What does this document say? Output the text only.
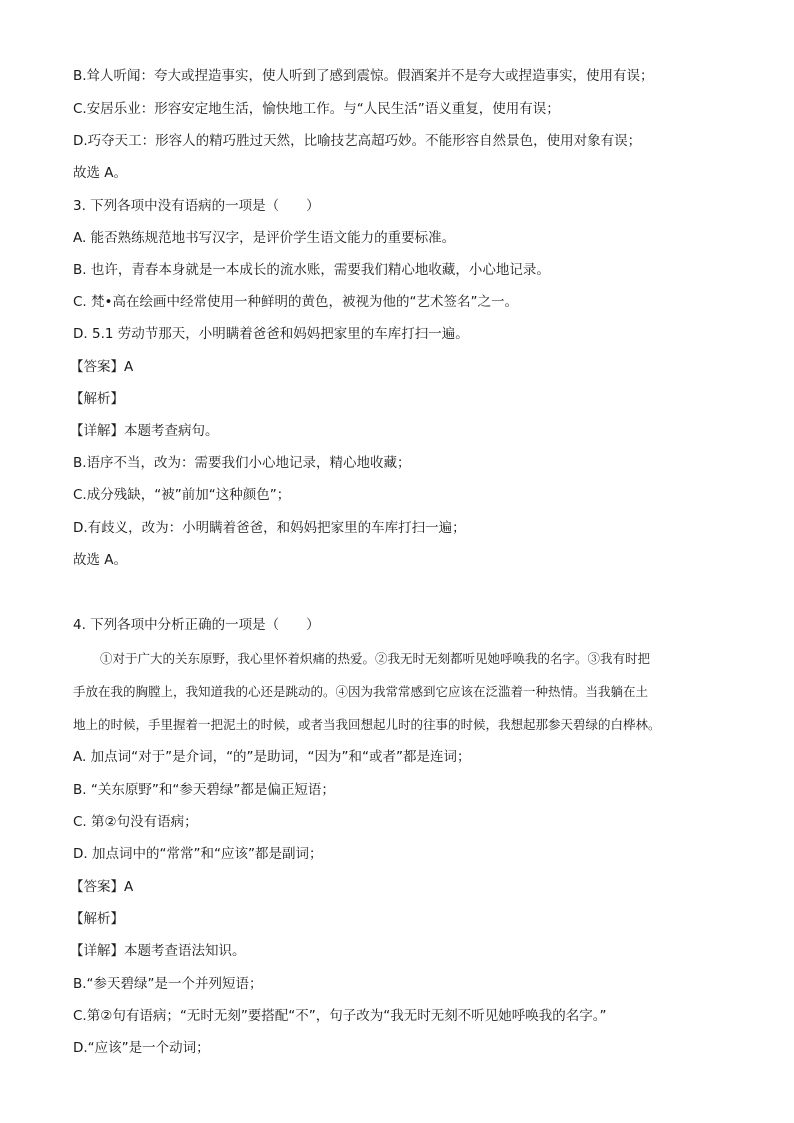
B.耸人听闻：夸大或捏造事实，使人听到了感到震惊。假酒案并不是夸大或捏造事实，使用有误；
C.安居乐业：形容安定地生活，愉快地工作。与“人民生活”语义重复，使用有误；
D.巧夺天工：形容人的精巧胜过天然，比喻技艺高超巧妙。不能形容自然景色，使用对象有误；
故选 A。
3. 下列各项中没有语病的一项是（　　）
A. 能否熟练规范地书写汉字，是评价学生语文能力的重要标准。
B. 也许，青春本身就是一本成长的流水账，需要我们精心地收藏，小心地记录。
C. 梵•高在绘画中经常使用一种鲜明的黄色，被视为他的“艺术签名”之一。
D. 5.1 劳动节那天，小明瞒着爸爸和妈妈把家里的车库打扫一遍。
【答案】A
【解析】
【详解】本题考查病句。
B.语序不当，改为：需要我们小心地记录，精心地收藏；
C.成分残缺，“被”前加“这种颜色”；
D.有歧义，改为：小明瞒着爸爸，和妈妈把家里的车库打扫一遍；
故选 A。
4. 下列各项中分析正确的一项是（　　）
①对于广大的关东原野，我心里怀着炽痛的热爱。②我无时无刻都听见她呼唤我的名字。③我有时把
手放在我的胸膛上，我知道我的心还是跳动的。④因为我常常感到它应该在泛滥着一种热情。当我躺在土
地上的时候，手里握着一把泥土的时候，或者当我回想起儿时的往事的时候，我想起那参天碧绿的白桦林。
A. 加点词“对于”是介词，“的”是助词，“因为”和“或者”都是连词；
B. “关东原野”和“参天碧绿”都是偏正短语；
C. 第②句没有语病；
D. 加点词中的“常常”和“应该”都是副词；
【答案】A
【解析】
【详解】本题考查语法知识。
B.“参天碧绿”是一个并列短语；
C.第②句有语病；“无时无刻”要搭配“不”，句子改为“我无时无刻不听见她呼唤我的名字。”
D.“应该”是一个动词；
